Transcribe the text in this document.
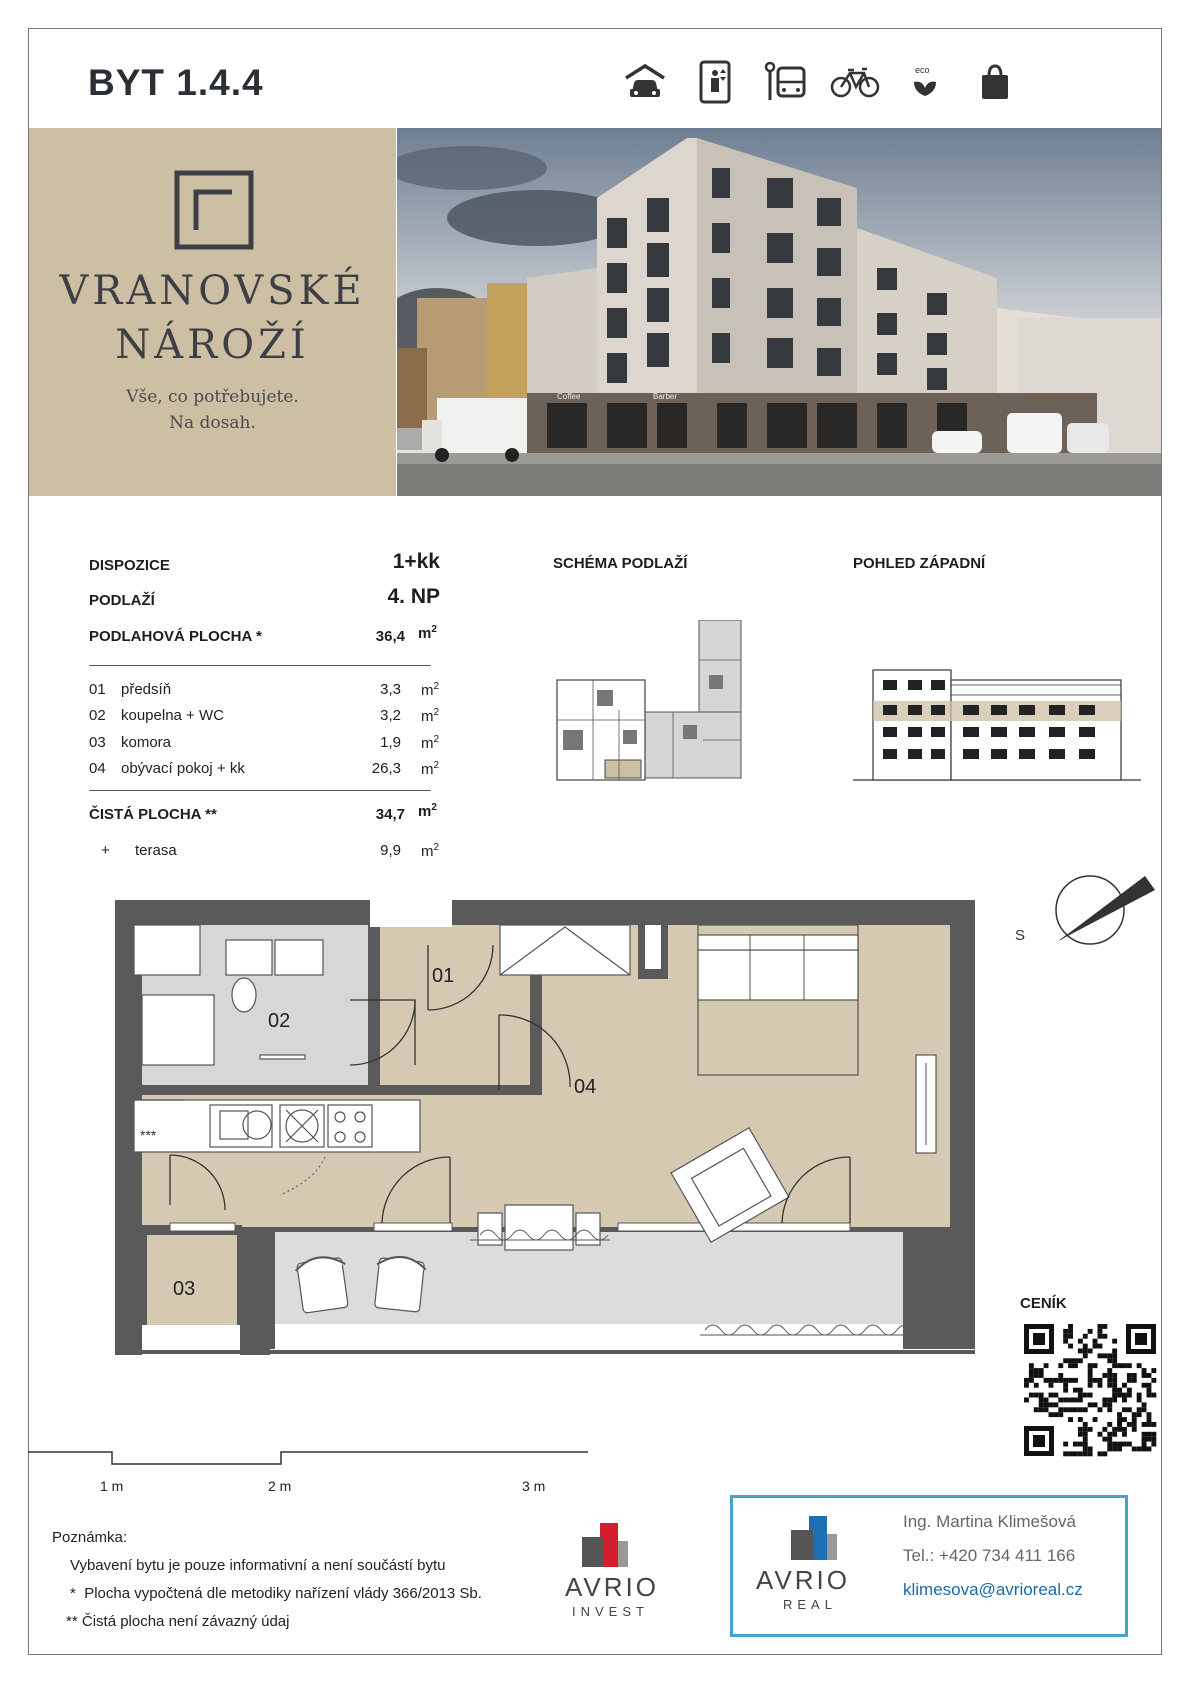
BYT 1.4.4	eco
VRANOVSKÉ
NÁROŽÍ
Vše, co potřebujete.
Na dosah.
Coffee	Barber
DISPOZICE	1+kk
PODLAŽÍ	4. NP
PODLAHOVÁ PLOCHA *	36,4 $m^2$
01 předsíň	3,3 $m^2$
02 koupelna + WC	3,2 $m^2$
03 komora	1,9 $m^2$
04 obývací pokoj + kk	26,3 $m^2$
ČISTÁ PLOCHA **	34,7 $m^2$
+ terasa	9,9 $m^2$
SCHÉMA PODLAŽÍ	POHLED ZÁPADNÍ
***
01
02
03
04
S
CENÍK
1 m	2 m	3 m
Poznámka:
Vybavení bytu je pouze informativní a není součástí bytu
* Plocha vypočtená dle metodiky nařízení vlády 366/2013 Sb.
** Čistá plocha není závazný údaj
AVRIO
INVEST
AVRIO
REAL
Ing. Martina Klimešová
Tel.: +420 734 411 166
klimesova@avrioreal.cz
